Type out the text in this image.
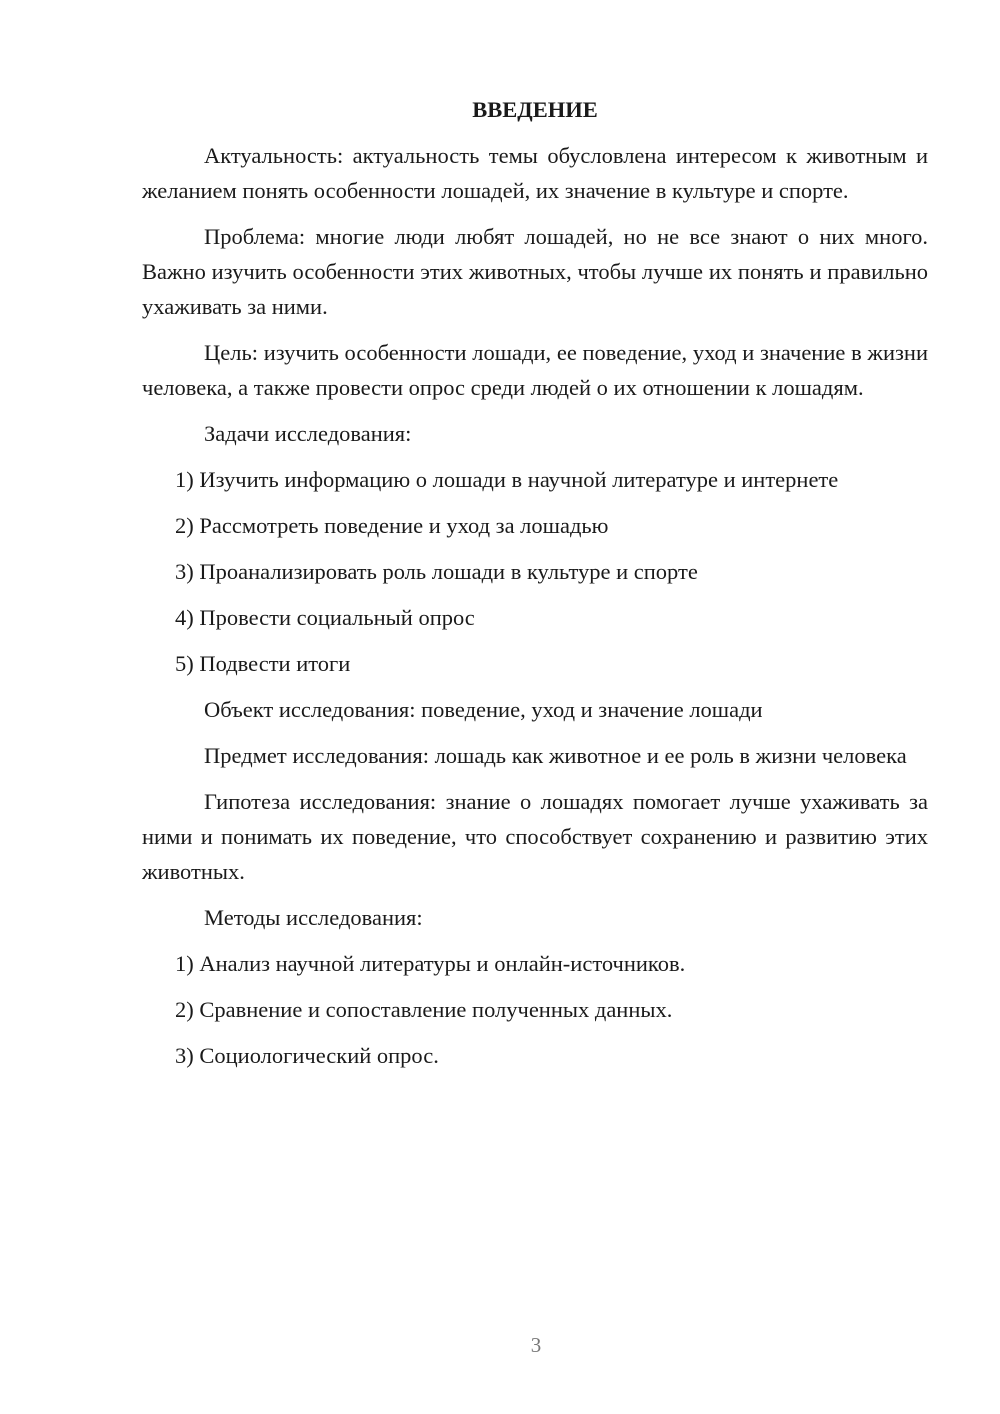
ВВЕДЕНИЕ

Актуальность: актуальность темы обусловлена интересом к животным и желанием понять особенности лошадей, их значение в культуре и спорте.

Проблема: многие люди любят лошадей, но не все знают о них много. Важно изучить особенности этих животных, чтобы лучше их понять и правильно ухаживать за ними.

Цель: изучить особенности лошади, ее поведение, уход и значение в жизни человека, а также провести опрос среди людей о их отношении к лошадям.

Задачи исследования:

1) Изучить информацию о лошади в научной литературе и интернете

2) Рассмотреть поведение и уход за лошадью

3) Проанализировать роль лошади в культуре и спорте

4) Провести социальный опрос

5) Подвести итоги

Объект исследования: поведение, уход и значение лошади

Предмет исследования: лошадь как животное и ее роль в жизни человека

Гипотеза исследования: знание о лошадях помогает лучше ухаживать за ними и понимать их поведение, что способствует сохранению и развитию этих животных.

Методы исследования:

1) Анализ научной литературы и онлайн-источников.

2) Сравнение и сопоставление полученных данных.

3) Социологический опрос.

3
